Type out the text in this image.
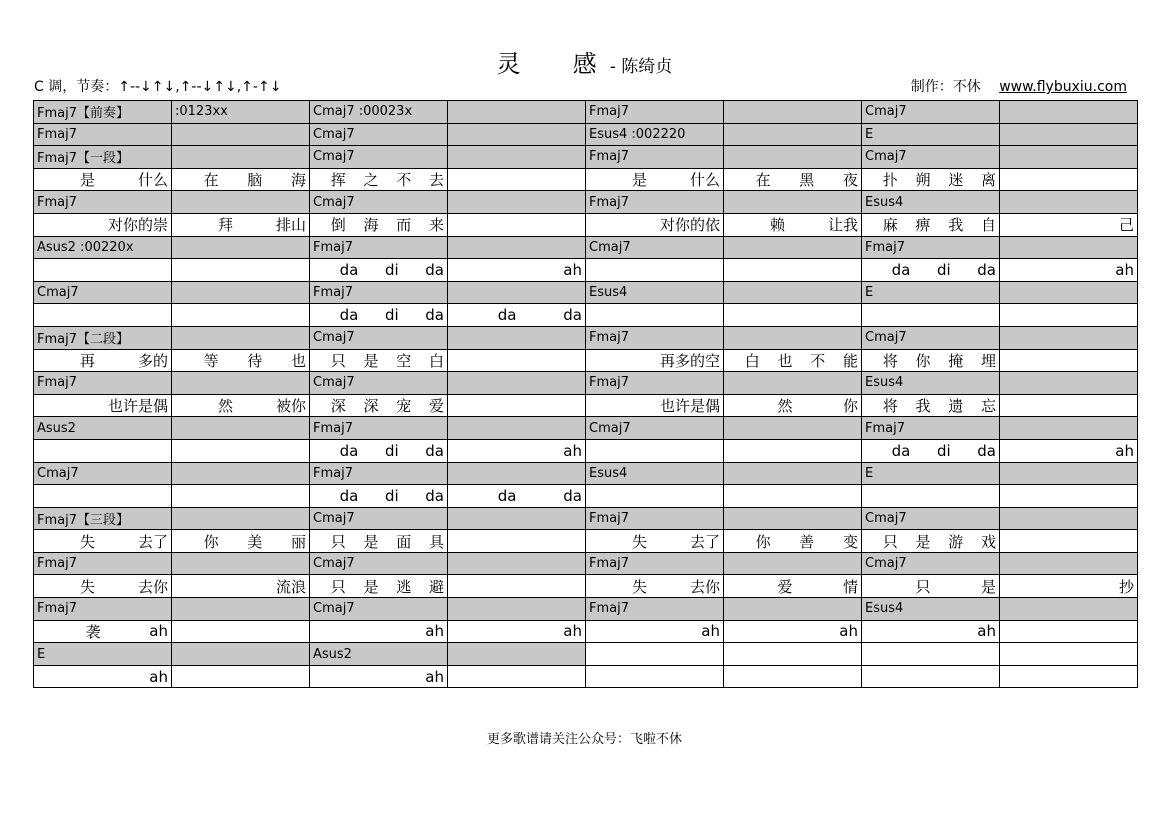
灵　感 - 陈绮贞
C 调，节奏：↑--↓↑↓,↑--↓↑↓,↑-↑↓	制作：不休 www.flybuxiu.com
Fmaj7【前奏】	:0123xx	Cmaj7 :00023x		Fmaj7		Cmaj7	
Fmaj7		Cmaj7		Esus4 :002220		E	
Fmaj7【一段】		Cmaj7		Fmaj7		Cmaj7	

是 什么	在 脑 海	挥 之 不 去		是 什么	在 黑 夜	扑 朔 迷 离	

Fmaj7		Cmaj7		Fmaj7		Esus4	

对你的崇	拜 排山	倒 海 而 来		对你的依	赖 让我	麻 痹 我 自	己

Asus2 :00220x		Fmaj7		Cmaj7		Fmaj7	

		da di da	ah			da di da	ah

Cmaj7		Fmaj7		Esus4		E	

		da di da	da da				

Fmaj7【二段】		Cmaj7		Fmaj7		Cmaj7	

再 多的	等 待 也	只 是 空 白		再多的空	白 也 不 能	将 你 掩 埋	

Fmaj7		Cmaj7		Fmaj7		Esus4	

也许是偶	然 被你	深 深 宠 爱		也许是偶	然 你	将 我 遗 忘	

Asus2		Fmaj7		Cmaj7		Fmaj7	

		da di da	ah			da di da	ah

Cmaj7		Fmaj7		Esus4		E	

		da di da	da da				

Fmaj7【三段】		Cmaj7		Fmaj7		Cmaj7	

失 去了	你 美 丽	只 是 面 具		失 去了	你 善 变	只 是 游 戏	

Fmaj7		Cmaj7		Fmaj7		Cmaj7	

失 去你	流浪	只 是 逃 避		失 去你	爱 情	只 是	抄

Fmaj7		Cmaj7		Fmaj7		Esus4	

袭 ah		ah	ah	ah	ah	ah	

E		Asus2					

ah		ah					

更多歌谱请关注公众号：飞啦不休
